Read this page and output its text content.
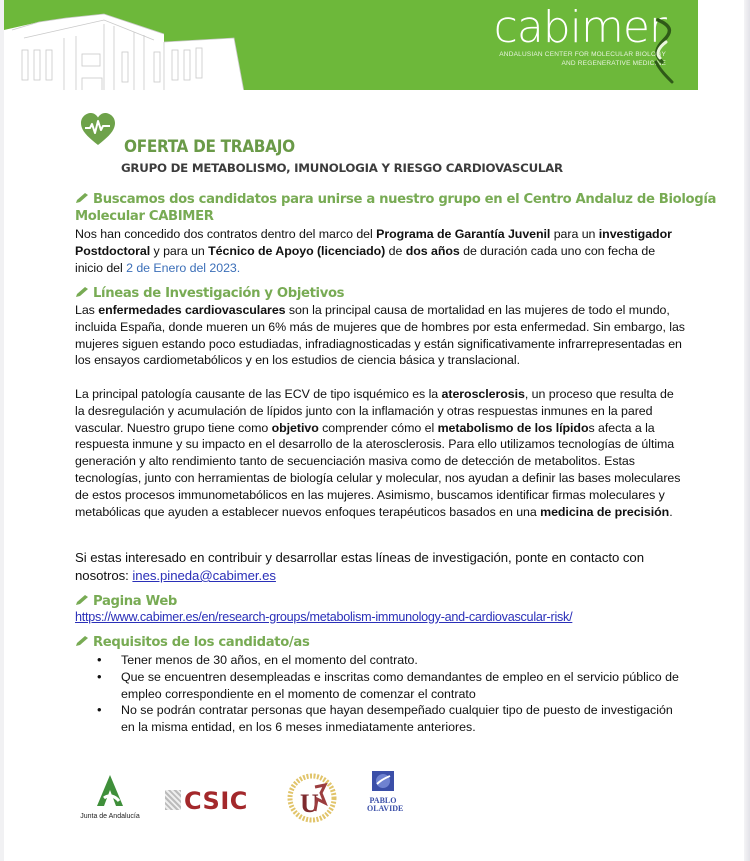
cabimer
ANDALUSIAN CENTER FOR MOLECULAR BIOLOGY
AND REGENERATIVE MEDICINE
OFERTA DE TRABAJO
GRUPO DE METABOLISMO, IMUNOLOGIA Y RIESGO CARDIOVASCULAR
Buscamos dos candidatos para unirse a nuestro grupo en el Centro Andaluz de Biología
Molecular CABIMER
Nos han concedido dos contratos dentro del marco del Programa de Garantía Juvenil para un investigador Postdoctoral y para un Técnico de Apoyo (licenciado) de dos años de duración cada uno con fecha de inicio del 2 de Enero del 2023.
Líneas de Investigación y Objetivos
Las enfermedades cardiovasculares son la principal causa de mortalidad en las mujeres de todo el mundo, incluida España, donde mueren un 6% más de mujeres que de hombres por esta enfermedad. Sin embargo, las mujeres siguen estando poco estudiadas, infradiagnosticadas y están significativamente infrarrepresentadas en los ensayos cardiometabólicos y en los estudios de ciencia básica y translacional.
La principal patología causante de las ECV de tipo isquémico es la aterosclerosis, un proceso que resulta de la desregulación y acumulación de lípidos junto con la inflamación y otras respuestas inmunes en la pared vascular. Nuestro grupo tiene como objetivo comprender cómo el metabolismo de los lípidos afecta a la respuesta inmune y su impacto en el desarrollo de la aterosclerosis. Para ello utilizamos tecnologías de última generación y alto rendimiento tanto de secuenciación masiva como de detección de metabolitos. Estas tecnologías, junto con herramientas de biología celular y molecular, nos ayudan a definir las bases moleculares de estos procesos immunometabólicos en las mujeres. Asimismo, buscamos identificar firmas moleculares y metabólicas que ayuden a establecer nuevos enfoques terapéuticos basados en una medicina de precisión.
Si estas interesado en contribuir y desarrollar estas líneas de investigación, ponte en contacto con nosotros: ines.pineda@cabimer.es
Pagina Web
https://www.cabimer.es/en/research-groups/metabolism-immunology-and-cardiovascular-risk/
Requisitos de los candidato/as
• Tener menos de 30 años, en el momento del contrato.
• Que se encuentren desempleadas e inscritas como demandantes de empleo en el servicio público de empleo correspondiente en el momento de comenzar el contrato
• No se podrán contratar personas que hayan desempeñado cualquier tipo de puesto de investigación en la misma entidad, en los 6 meses inmediatamente anteriores.
Junta de Andalucía
CSIC U	PABLO
OLAVIDE
